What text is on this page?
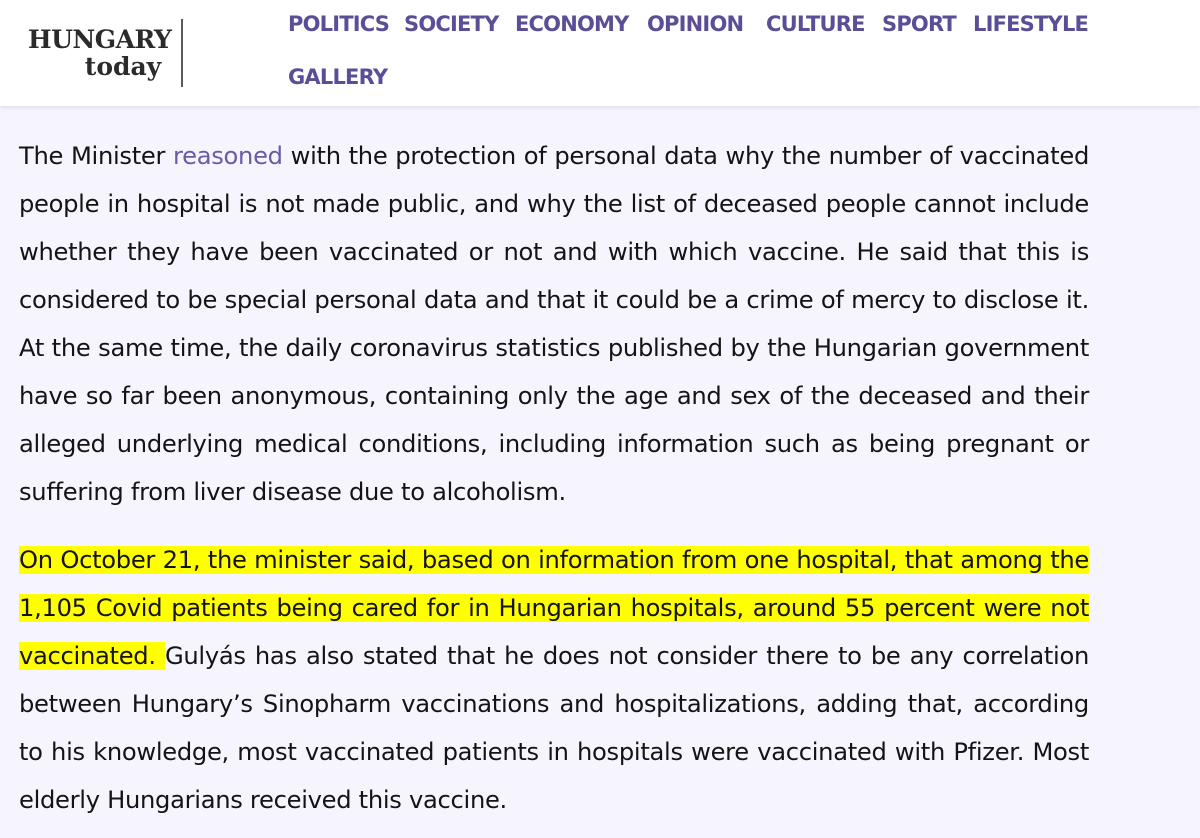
HUNGARY
today
POLITICS SOCIETY ECONOMY OPINION CULTURE SPORT LIFESTYLE
GALLERY

The Minister reasoned with the protection of personal data why the number of vaccinated people in hospital is not made public, and why the list of deceased people cannot include whether they have been vaccinated or not and with which vaccine. He said that this is considered to be special personal data and that it could be a crime of mercy to disclose it. At the same time, the daily coronavirus statistics published by the Hungarian government have so far been anonymous, containing only the age and sex of the deceased and their alleged underlying medical conditions, including information such as being pregnant or suffering from liver disease due to alcoholism.

On October 21, the minister said, based on information from one hospital, that among the 1,105 Covid patients being cared for in Hungarian hospitals, around 55 percent were not vaccinated. Gulyás has also stated that he does not consider there to be any correlation between Hungary’s Sinopharm vaccinations and hospitalizations, adding that, according to his knowledge, most vaccinated patients in hospitals were vaccinated with Pfizer. Most elderly Hungarians received this vaccine.
